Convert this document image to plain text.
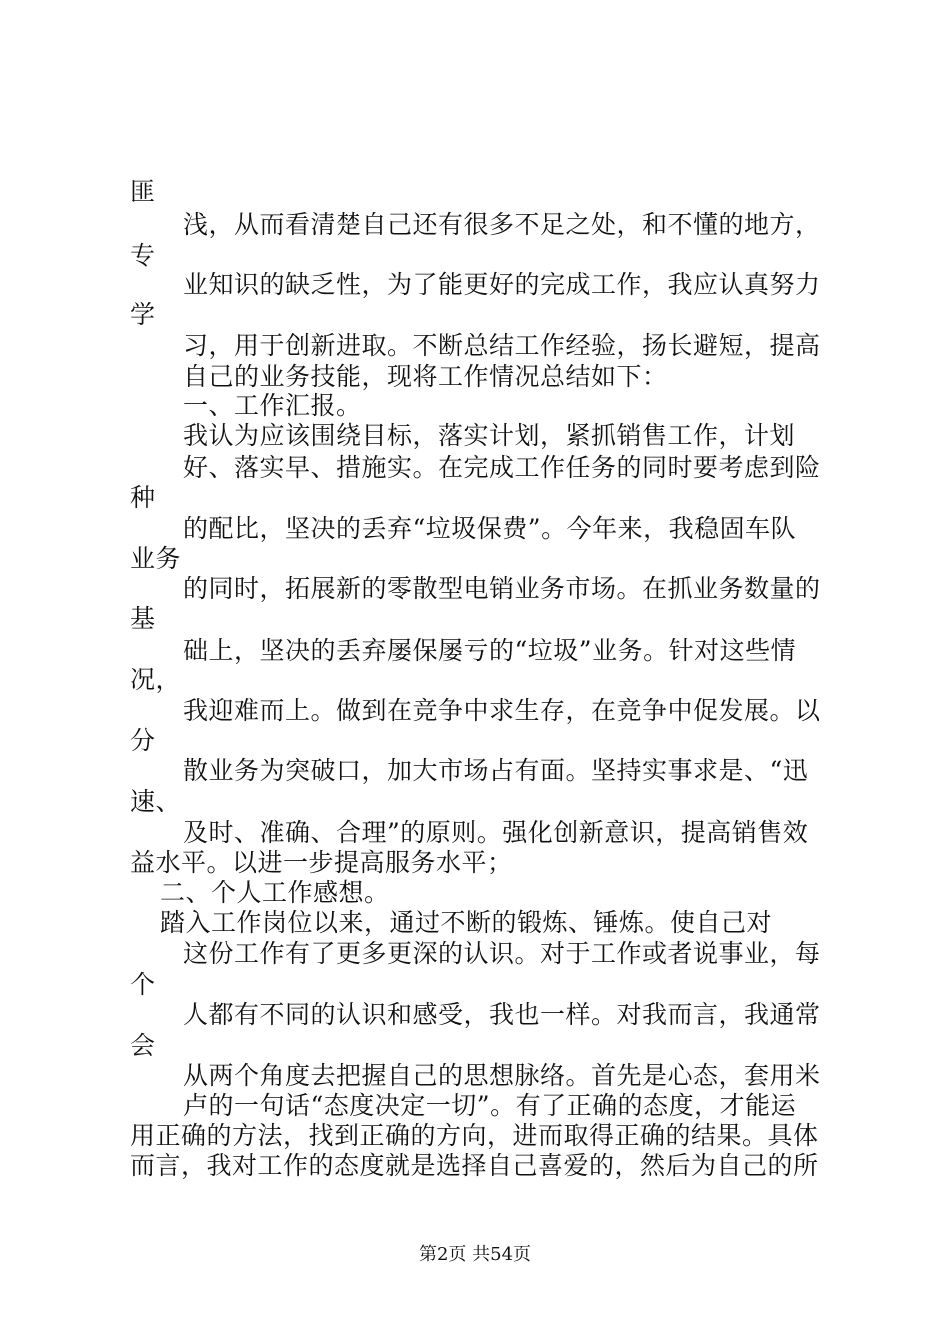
匪
浅，从而看清楚自己还有很多不足之处，和不懂的地方，
专
业知识的缺乏性，为了能更好的完成工作，我应认真努力
学
习，用于创新进取。不断总结工作经验，扬长避短，提高
自己的业务技能，现将工作情况总结如下：
一、工作汇报。
我认为应该围绕目标，落实计划，紧抓销售工作，计划
好、落实早、措施实。在完成工作任务的同时要考虑到险
种
的配比，坚决的丢弃“垃圾保费”。今年来，我稳固车队
业务
的同时，拓展新的零散型电销业务市场。在抓业务数量的
基
础上，坚决的丢弃屡保屡亏的“垃圾”业务。针对这些情
况，
我迎难而上。做到在竞争中求生存，在竞争中促发展。以
分
散业务为突破口，加大市场占有面。坚持实事求是、“迅
速、
及时、准确、合理”的原则。强化创新意识，提高销售效
益水平。以进一步提高服务水平；
二、个人工作感想。
踏入工作岗位以来，通过不断的锻炼、锤炼。使自己对
这份工作有了更多更深的认识。对于工作或者说事业，每
个
人都有不同的认识和感受，我也一样。对我而言，我通常
会
从两个角度去把握自己的思想脉络。首先是心态，套用米
卢的一句话“态度决定一切”。有了正确的态度，才能运
用正确的方法，找到正确的方向，进而取得正确的结果。具体
而言，我对工作的态度就是选择自己喜爱的，然后为自己的所
第2页 共54页
